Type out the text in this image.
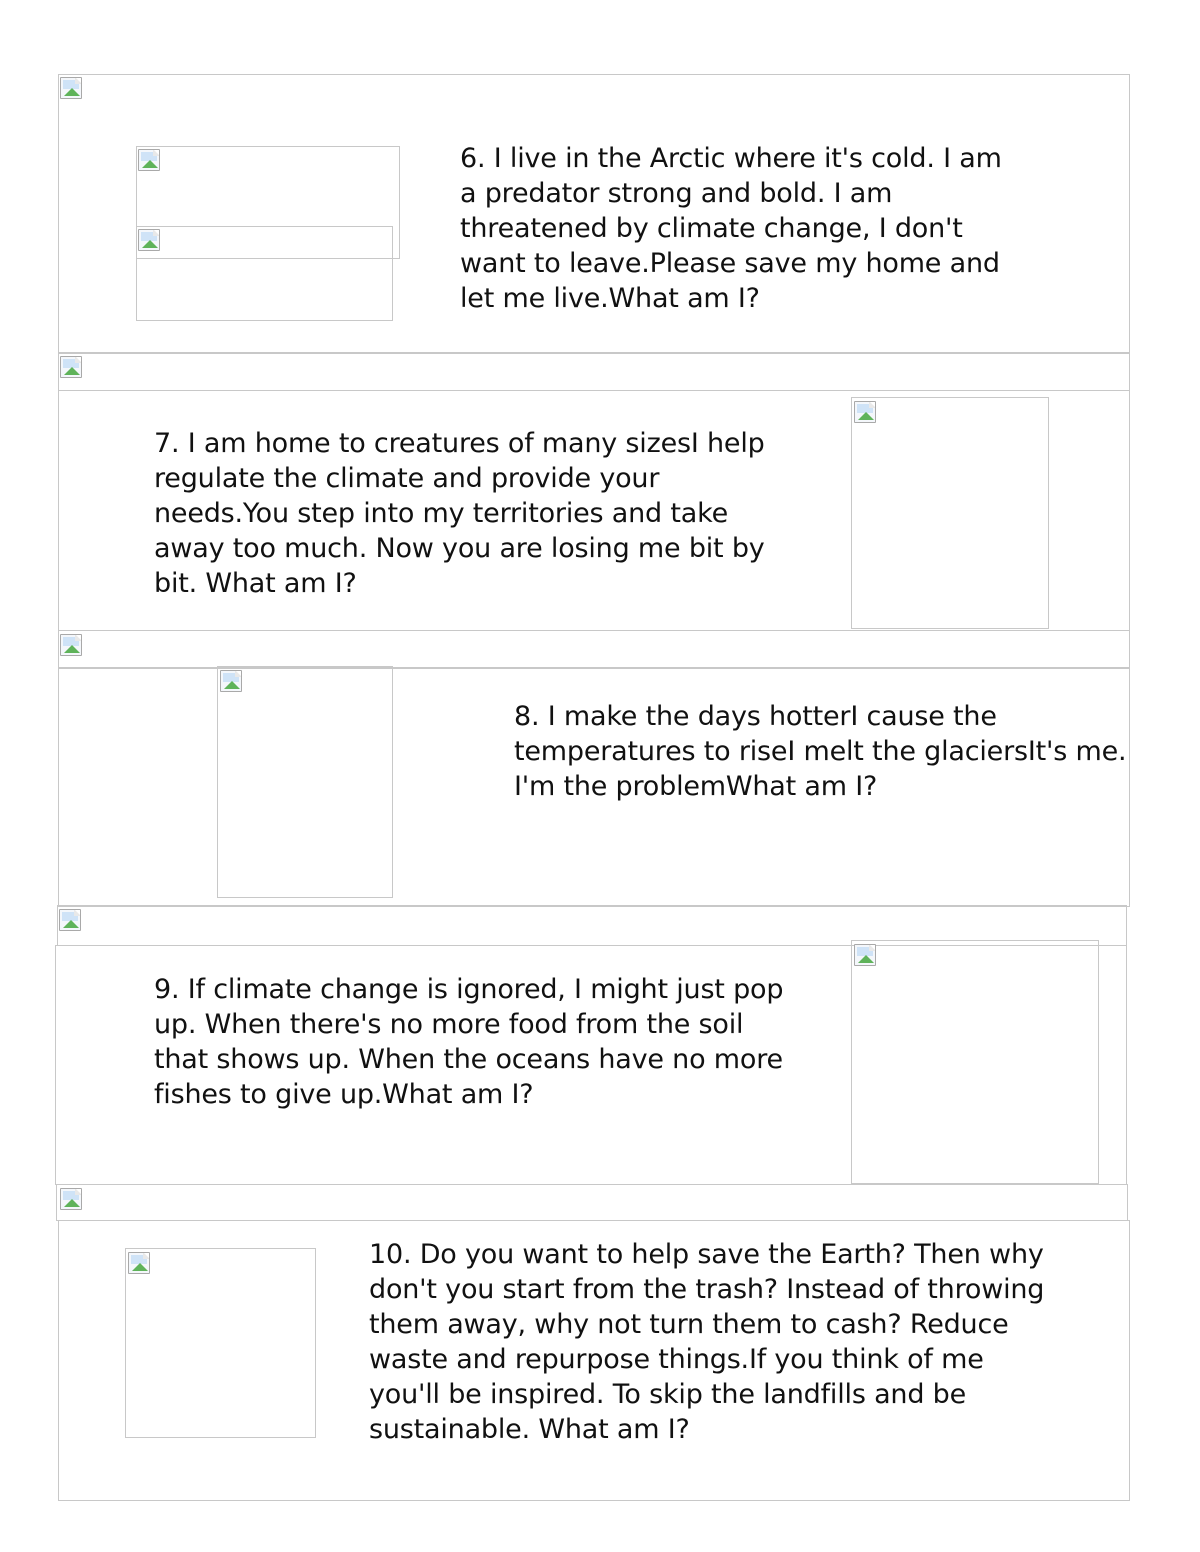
6. I live in the Arctic where it's cold. I am
a predator strong and bold. I am
threatened by climate change, I don't
want to leave.Please save my home and
let me live.What am I?

7. I am home to creatures of many sizesI help
regulate the climate and provide your
needs.You step into my territories and take
away too much. Now you are losing me bit by
bit. What am I?

8. I make the days hotterI cause the
temperatures to riseI melt the glaciersIt's me.
I'm the problemWhat am I?

9. If climate change is ignored, I might just pop
up. When there's no more food from the soil
that shows up. When the oceans have no more
fishes to give up.What am I?

10. Do you want to help save the Earth? Then why
don't you start from the trash? Instead of throwing
them away, why not turn them to cash? Reduce
waste and repurpose things.If you think of me
you'll be inspired. To skip the landfills and be
sustainable. What am I?
